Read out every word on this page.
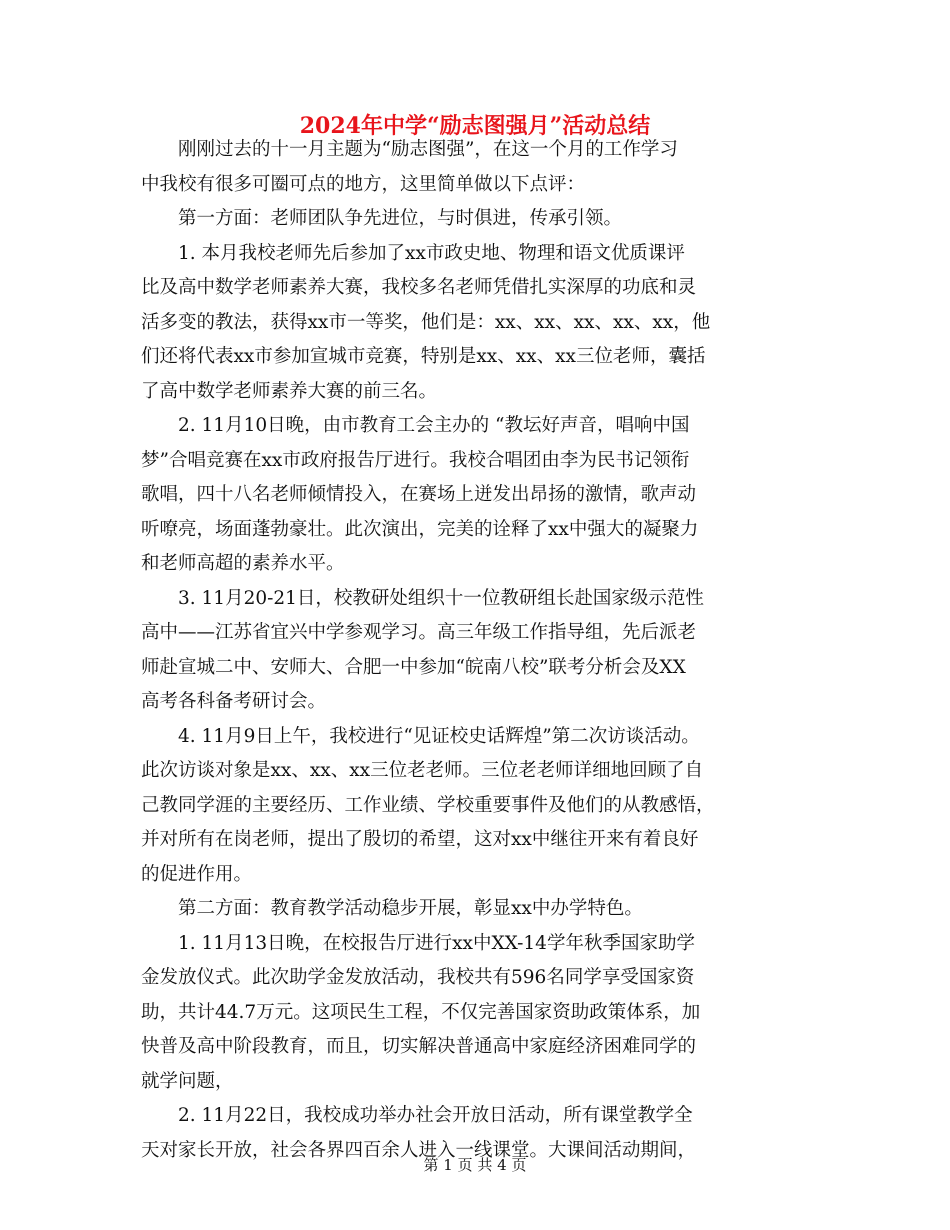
2024年中学“励志图强月”活动总结
刚刚过去的十一月主题为“励志图强”，在这一个月的工作学习
中我校有很多可圈可点的地方，这里简单做以下点评：
第一方面：老师团队争先进位，与时俱进，传承引领。
1. 本月我校老师先后参加了xx市政史地、物理和语文优质课评
比及高中数学老师素养大赛，我校多名老师凭借扎实深厚的功底和灵
活多变的教法，获得xx市一等奖，他们是：xx、xx、xx、xx、xx，他
们还将代表xx市参加宣城市竞赛，特别是xx、xx、xx三位老师，囊括
了高中数学老师素养大赛的前三名。
2. 11月10日晚，由市教育工会主办的 “教坛好声音，唱响中国
梦”合唱竞赛在xx市政府报告厅进行。我校合唱团由李为民书记领衔
歌唱，四十八名老师倾情投入，在赛场上迸发出昂扬的激情，歌声动
听嘹亮，场面蓬勃豪壮。此次演出，完美的诠释了xx中强大的凝聚力
和老师高超的素养水平。
3. 11月20-21日，校教研处组织十一位教研组长赴国家级示范性
高中——江苏省宜兴中学参观学习。高三年级工作指导组，先后派老
师赴宣城二中、安师大、合肥一中参加“皖南八校”联考分析会及XX
高考各科备考研讨会。
4. 11月9日上午，我校进行“见证校史话辉煌”第二次访谈活动。
此次访谈对象是xx、xx、xx三位老老师。三位老老师详细地回顾了自
己教同学涯的主要经历、工作业绩、学校重要事件及他们的从教感悟，
并对所有在岗老师，提出了殷切的希望，这对xx中继往开来有着良好
的促进作用。
第二方面：教育教学活动稳步开展，彰显xx中办学特色。
1. 11月13日晚，在校报告厅进行xx中XX-14学年秋季国家助学
金发放仪式。此次助学金发放活动，我校共有596名同学享受国家资
助，共计44.7万元。这项民生工程，不仅完善国家资助政策体系，加
快普及高中阶段教育，而且，切实解决普通高中家庭经济困难同学的
就学问题，
2. 11月22日，我校成功举办社会开放日活动，所有课堂教学全
天对家长开放，社会各界四百余人进入一线课堂。大课间活动期间，
第 1 页 共 4 页
